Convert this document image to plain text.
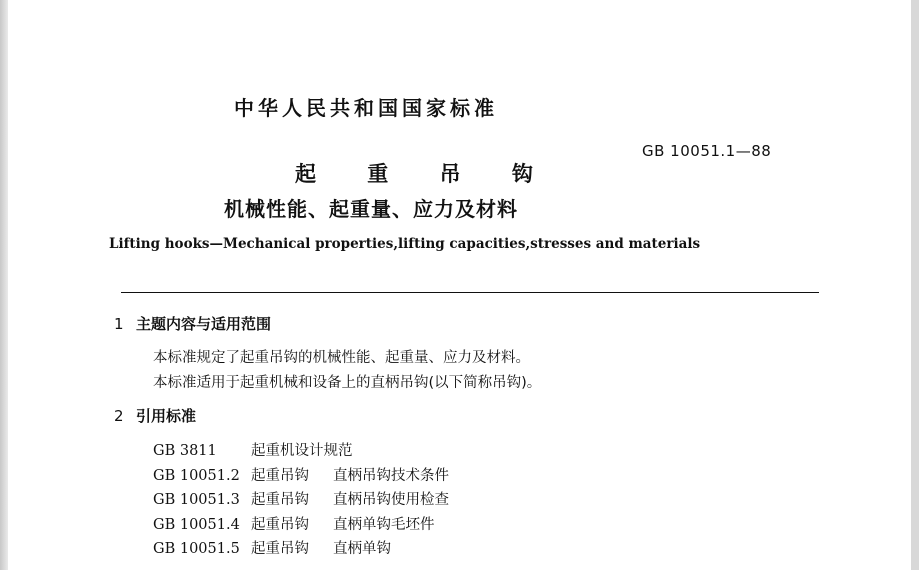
中华人民共和国国家标准
GB 10051.1—88
起 重 吊 钩
机械性能、起重量、应力及材料
Lifting hooks—Mechanical properties,lifting capacities,stresses and materials
1 主题内容与适用范围
本标准规定了起重吊钩的机械性能、起重量、应力及材料。
本标准适用于起重机械和设备上的直柄吊钩(以下简称吊钩)。
2 引用标准
GB 3811 起重机设计规范
GB 10051.2 起重吊钩 直柄吊钩技术条件
GB 10051.3 起重吊钩 直柄吊钩使用检查
GB 10051.4 起重吊钩 直柄单钩毛坯件
GB 10051.5 起重吊钩 直柄单钩
